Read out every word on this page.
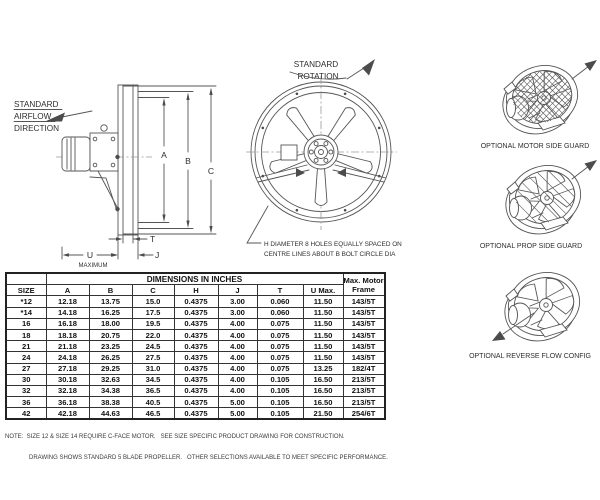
STANDARD
AIRFLOW
DIRECTION
A
B
C
T
J
U
MAXIMUM
STANDARD
ROTATION
H DIAMETER 8 HOLES EQUALLY SPACED ON
CENTRE LINES ABOUT B BOLT CIRCLE DIA
OPTIONAL MOTOR SIDE GUARD
OPTIONAL PROP SIDE GUARD
OPTIONAL REVERSE FLOW CONFIG
	DIMENSIONS IN INCHES							Max. Motor
Frame
SIZE	A	B	C	H	J	T	U Max.	
*12	12.18	13.75	15.0	0.4375	3.00	0.060	11.50	143/5T
*14	14.18	16.25	17.5	0.4375	3.00	0.060	11.50	143/5T
16	16.18	18.00	19.5	0.4375	4.00	0.075	11.50	143/5T
18	18.18	20.75	22.0	0.4375	4.00	0.075	11.50	143/5T
21	21.18	23.25	24.5	0.4375	4.00	0.075	11.50	143/5T
24	24.18	26.25	27.5	0.4375	4.00	0.075	11.50	143/5T
27	27.18	29.25	31.0	0.4375	4.00	0.075	13.25	182/4T
30	30.18	32.63	34.5	0.4375	4.00	0.105	16.50	213/5T
32	32.18	34.38	36.5	0.4375	4.00	0.105	16.50	213/5T
36	36.18	38.38	40.5	0.4375	5.00	0.105	16.50	213/5T
42	42.18	44.63	46.5	0.4375	5.00	0.105	21.50	254/6T

NOTE:  SIZE 12 & SIZE 14 REQUIRE C-FACE MOTOR.   SEE SIZE SPECIFIC PRODUCT DRAWING FOR CONSTRUCTION.

DRAWING SHOWS STANDARD 5 BLADE PROPELLER.   OTHER SELECTIONS AVAILABLE TO MEET SPECIFIC PERFORMANCE.
